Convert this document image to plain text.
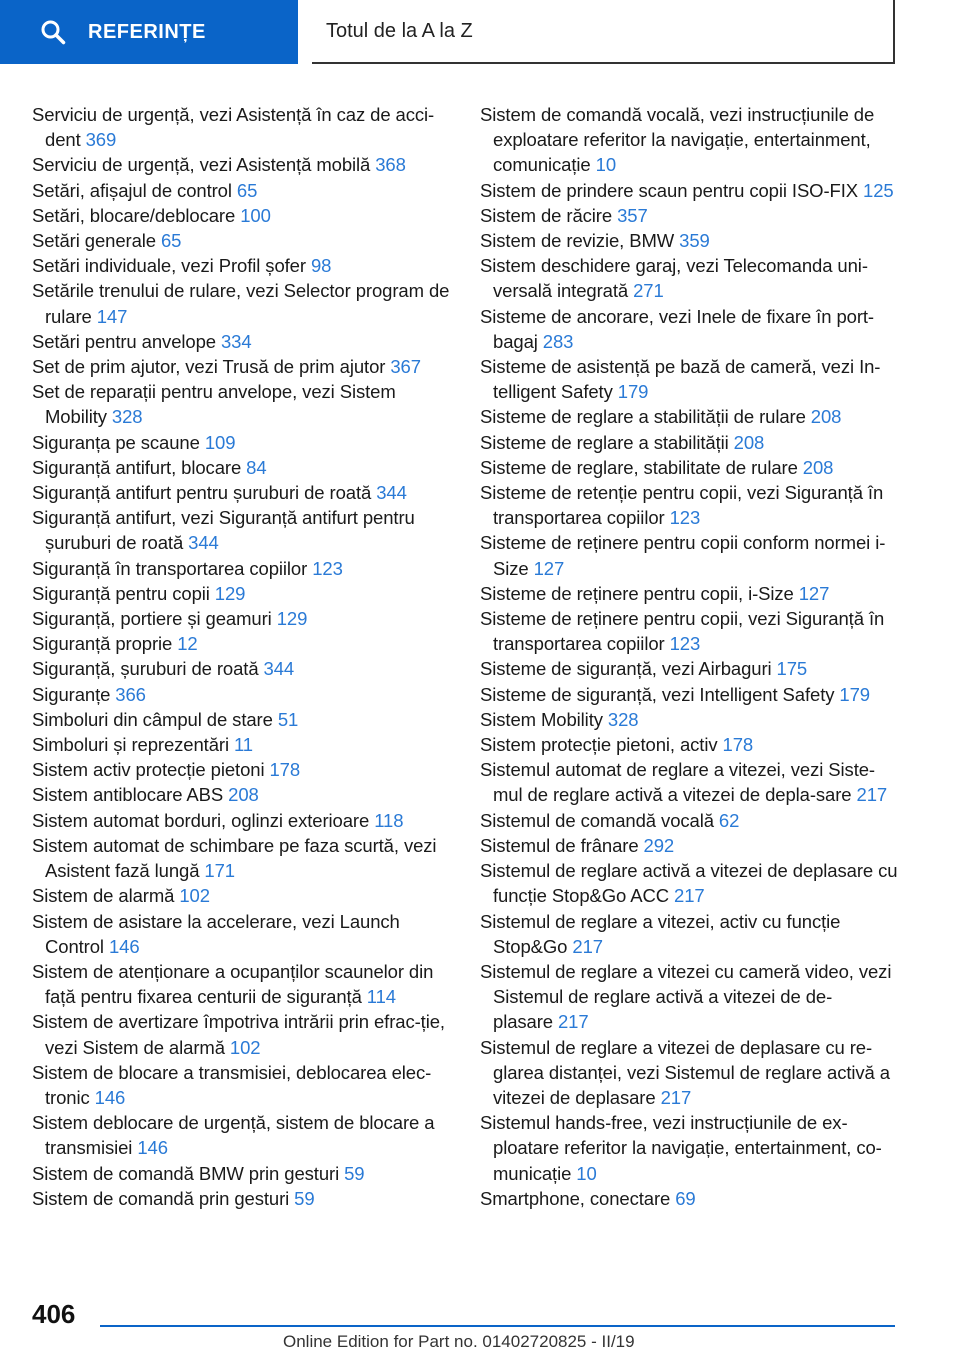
REFERINȚE	Totul de la A la Z
Serviciu de urgență, vezi Asistență în caz de acci-dent 369
Serviciu de urgență, vezi Asistență mobilă 368
Setări, afișajul de control 65
Setări, blocare/deblocare 100
Setări generale 65
Setări individuale, vezi Profil șofer 98
Setările trenului de rulare, vezi Selector program de rulare 147
Setări pentru anvelope 334
Set de prim ajutor, vezi Trusă de prim ajutor 367
Set de reparații pentru anvelope, vezi Sistem Mobility 328
Siguranța pe scaune 109
Siguranță antifurt, blocare 84
Siguranță antifurt pentru șuruburi de roată 344
Siguranță antifurt, vezi Siguranță antifurt pentru șuruburi de roată 344
Siguranță în transportarea copiilor 123
Siguranță pentru copii 129
Siguranță, portiere și geamuri 129
Siguranță proprie 12
Siguranță, șuruburi de roată 344
Siguranțe 366
Simboluri din câmpul de stare 51
Simboluri și reprezentări 11
Sistem activ protecție pietoni 178
Sistem antiblocare ABS 208
Sistem automat borduri, oglinzi exterioare 118
Sistem automat de schimbare pe faza scurtă, vezi Asistent fază lungă 171
Sistem de alarmă 102
Sistem de asistare la accelerare, vezi Launch Control 146
Sistem de atenționare a ocupanților scaunelor din față pentru fixarea centurii de siguranță 114
Sistem de avertizare împotriva intrării prin efrac-ție, vezi Sistem de alarmă 102
Sistem de blocare a transmisiei, deblocarea elec-tronic 146
Sistem deblocare de urgență, sistem de blocare a transmisiei 146
Sistem de comandă BMW prin gesturi 59
Sistem de comandă prin gesturi 59
Sistem de comandă vocală, vezi instrucțiunile de exploatare referitor la navigație, entertainment, comunicație 10
Sistem de prindere scaun pentru copii ISO-FIX 125
Sistem de răcire 357
Sistem de revizie, BMW 359
Sistem deschidere garaj, vezi Telecomanda uni-versală integrată 271
Sisteme de ancorare, vezi Inele de fixare în port-bagaj 283
Sisteme de asistență pe bază de cameră, vezi In-telligent Safety 179
Sisteme de reglare a stabilității de rulare 208
Sisteme de reglare a stabilității 208
Sisteme de reglare, stabilitate de rulare 208
Sisteme de retenție pentru copii, vezi Siguranță în transportarea copiilor 123
Sisteme de reținere pentru copii conform normei i-Size 127
Sisteme de reținere pentru copii, i-Size 127
Sisteme de reținere pentru copii, vezi Siguranță în transportarea copiilor 123
Sisteme de siguranță, vezi Airbaguri 175
Sisteme de siguranță, vezi Intelligent Safety 179
Sistem Mobility 328
Sistem protecție pietoni, activ 178
Sistemul automat de reglare a vitezei, vezi Siste-mul de reglare activă a vitezei de depla-sare 217
Sistemul de comandă vocală 62
Sistemul de frânare 292
Sistemul de reglare activă a vitezei de deplasare cu funcție Stop&Go ACC 217
Sistemul de reglare a vitezei, activ cu funcție Stop&Go 217
Sistemul de reglare a vitezei cu cameră video, vezi Sistemul de reglare activă a vitezei de de-plasare 217
Sistemul de reglare a vitezei de deplasare cu re-glarea distanței, vezi Sistemul de reglare activă a vitezei de deplasare 217
Sistemul hands-free, vezi instrucțiunile de ex-ploatare referitor la navigație, entertainment, co-municație 10
Smartphone, conectare 69
406
Online Edition for Part no. 01402720825 - II/19
